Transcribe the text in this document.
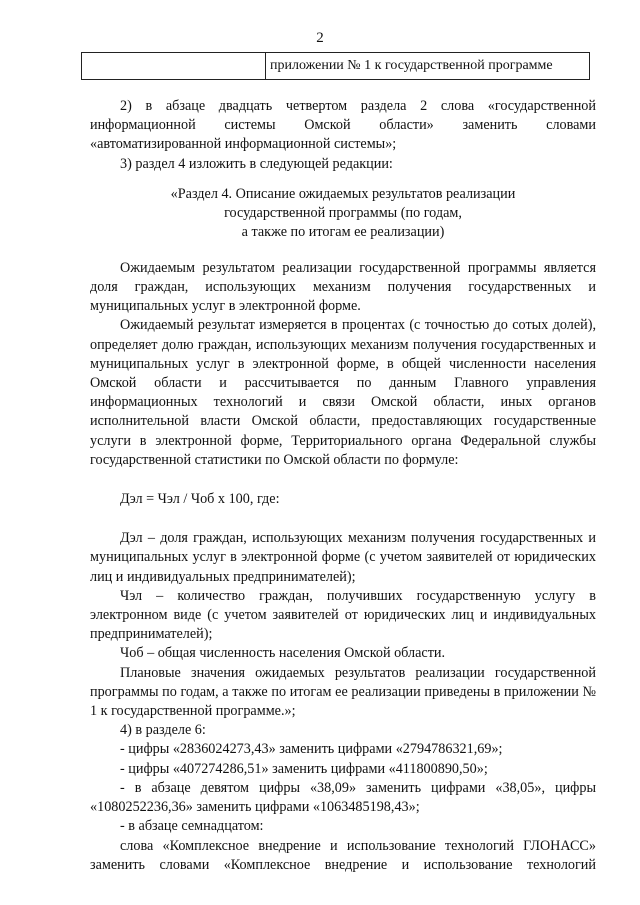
2
	приложении № 1 к государственной программе

2) в абзаце двадцать четвертом раздела 2 слова «государственной информационной системы Омской области» заменить словами «автоматизированной информационной системы»;

3) раздел 4 изложить в следующей редакции:

«Раздел 4. Описание ожидаемых результатов реализации
государственной программы (по годам,
а также по итогам ее реализации)

Ожидаемым результатом реализации государственной программы является доля граждан, использующих механизм получения государственных и муниципальных услуг в электронной форме.

Ожидаемый результат измеряется в процентах (с точностью до сотых долей), определяет долю граждан, использующих механизм получения государственных и муниципальных услуг в электронной форме, в общей численности населения Омской области и рассчитывается по данным Главного управления информационных технологий и связи Омской области, иных органов исполнительной власти Омской области, предоставляющих государственные услуги в электронной форме, Территориального органа Федеральной службы государственной статистики по Омской области по формуле:

Дэл = Чэл / Чоб х 100, где:

Дэл – доля граждан, использующих механизм получения государственных и муниципальных услуг в электронной форме (с учетом заявителей от юридических лиц и индивидуальных предпринимателей);

Чэл – количество граждан, получивших государственную услугу в электронном виде (с учетом заявителей от юридических лиц и индивидуальных предпринимателей);

Чоб – общая численность населения Омской области.

Плановые значения ожидаемых результатов реализации государственной программы по годам, а также по итогам ее реализации приведены в приложении № 1 к государственной программе.»;

4) в разделе 6:

- цифры «2836024273,43» заменить цифрами «2794786321,69»;

- цифры «407274286,51» заменить цифрами «411800890,50»;

- в абзаце девятом цифры «38,09» заменить цифрами «38,05», цифры «1080252236,36» заменить цифрами «1063485198,43»;

- в абзаце семнадцатом:

слова «Комплексное внедрение и использование технологий ГЛОНАСС» заменить словами «Комплексное внедрение и использование технологий
